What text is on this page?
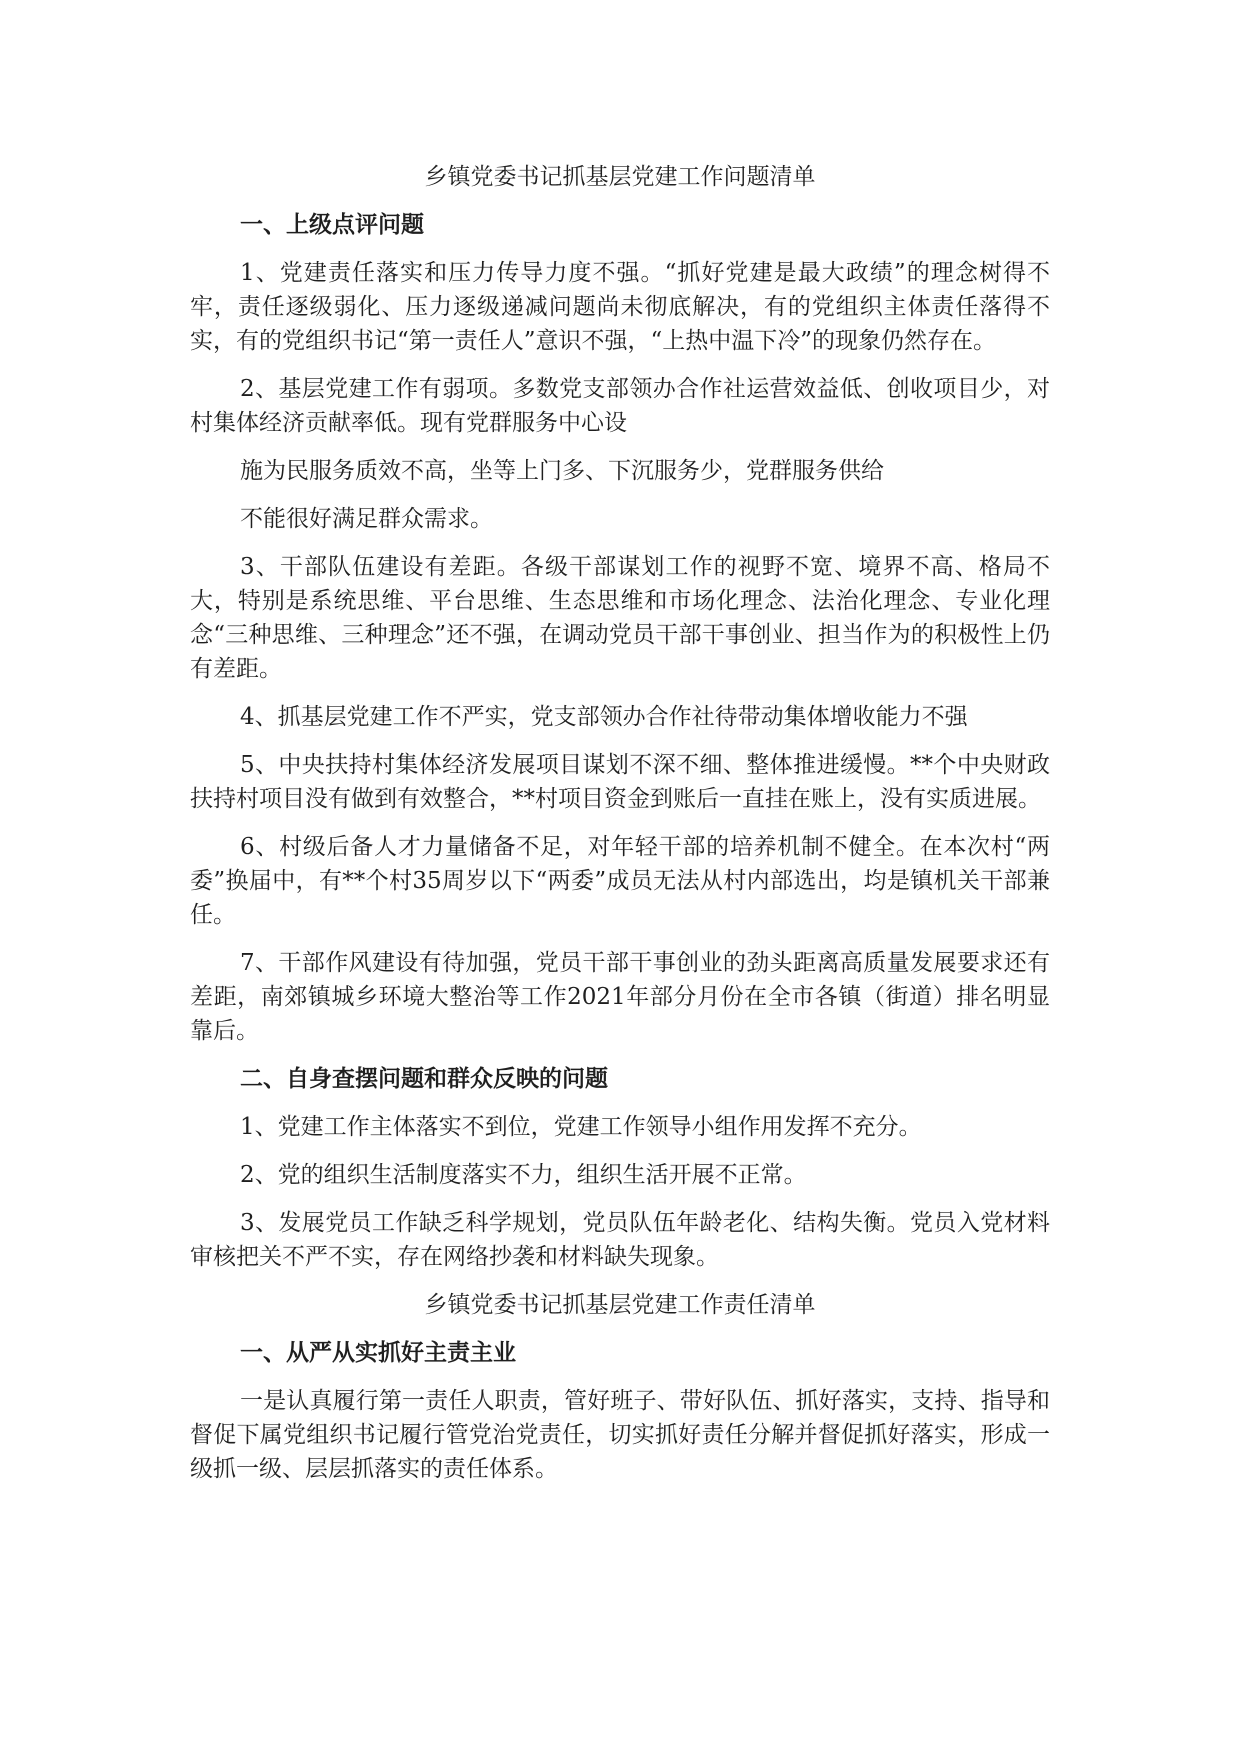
乡镇党委书记抓基层党建工作问题清单
一、上级点评问题
1、党建责任落实和压力传导力度不强。“抓好党建是最大政绩”的理念树得不牢，责任逐级弱化、压力逐级递减问题尚未彻底解决，有的党组织主体责任落得不实，有的党组织书记“第一责任人”意识不强，“上热中温下冷”的现象仍然存在。
2、基层党建工作有弱项。多数党支部领办合作社运营效益低、创收项目少，对村集体经济贡献率低。现有党群服务中心设
施为民服务质效不高，坐等上门多、下沉服务少，党群服务供给
不能很好满足群众需求。
3、干部队伍建设有差距。各级干部谋划工作的视野不宽、境界不高、格局不大，特别是系统思维、平台思维、生态思维和市场化理念、法治化理念、专业化理念“三种思维、三种理念”还不强，在调动党员干部干事创业、担当作为的积极性上仍有差距。
4、抓基层党建工作不严实，党支部领办合作社待带动集体增收能力不强
5、中央扶持村集体经济发展项目谋划不深不细、整体推进缓慢。**个中央财政扶持村项目没有做到有效整合，**村项目资金到账后一直挂在账上，没有实质进展。
6、村级后备人才力量储备不足，对年轻干部的培养机制不健全。在本次村“两委”换届中，有**个村35周岁以下“两委”成员无法从村内部选出，均是镇机关干部兼任。
7、干部作风建设有待加强，党员干部干事创业的劲头距离高质量发展要求还有差距，南郊镇城乡环境大整治等工作2021年部分月份在全市各镇（街道）排名明显靠后。
二、自身查摆问题和群众反映的问题
1、党建工作主体落实不到位，党建工作领导小组作用发挥不充分。
2、党的组织生活制度落实不力，组织生活开展不正常。
3、发展党员工作缺乏科学规划，党员队伍年龄老化、结构失衡。党员入党材料审核把关不严不实，存在网络抄袭和材料缺失现象。
乡镇党委书记抓基层党建工作责任清单
一、从严从实抓好主责主业
一是认真履行第一责任人职责，管好班子、带好队伍、抓好落实，支持、指导和督促下属党组织书记履行管党治党责任，切实抓好责任分解并督促抓好落实，形成一级抓一级、层层抓落实的责任体系。
